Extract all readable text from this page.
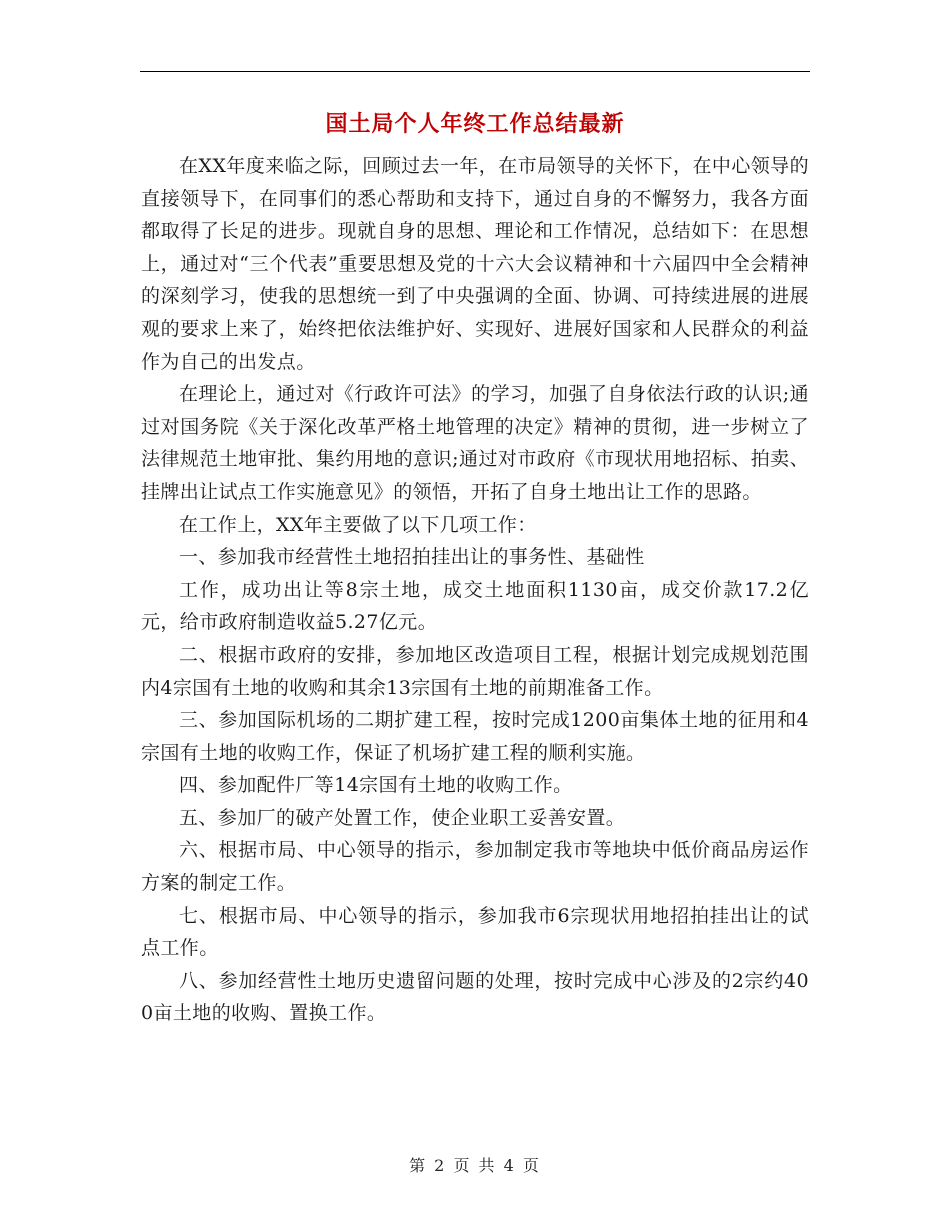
国土局个人年终工作总结最新

在XX年度来临之际，回顾过去一年，在市局领导的关怀下，在中心领导的直接领导下，在同事们的悉心帮助和支持下，通过自身的不懈努力，我各方面都取得了长足的进步。现就自身的思想、理论和工作情况，总结如下：在思想上，通过对“三个代表”重要思想及党的十六大会议精神和十六届四中全会精神的深刻学习，使我的思想统一到了中央强调的全面、协调、可持续进展的进展观的要求上来了，始终把依法维护好、实现好、进展好国家和人民群众的利益作为自己的出发点。

在理论上，通过对《行政许可法》的学习，加强了自身依法行政的认识;通过对国务院《关于深化改革严格土地管理的决定》精神的贯彻，进一步树立了法律规范土地审批、集约用地的意识;通过对市政府《市现状用地招标、拍卖、挂牌出让试点工作实施意见》的领悟，开拓了自身土地出让工作的思路。

在工作上，XX年主要做了以下几项工作：

一、参加我市经营性土地招拍挂出让的事务性、基础性

工作，成功出让等8宗土地，成交土地面积1130亩，成交价款17.2亿元，给市政府制造收益5.27亿元。

二、根据市政府的安排，参加地区改造项目工程，根据计划完成规划范围内4宗国有土地的收购和其余13宗国有土地的前期准备工作。

三、参加国际机场的二期扩建工程，按时完成1200亩集体土地的征用和4宗国有土地的收购工作，保证了机场扩建工程的顺利实施。

四、参加配件厂等14宗国有土地的收购工作。

五、参加厂的破产处置工作，使企业职工妥善安置。

六、根据市局、中心领导的指示，参加制定我市等地块中低价商品房运作方案的制定工作。

七、根据市局、中心领导的指示，参加我市6宗现状用地招拍挂出让的试点工作。

八、参加经营性土地历史遗留问题的处理，按时完成中心涉及的2宗约400亩土地的收购、置换工作。

第 2 页 共 4 页
